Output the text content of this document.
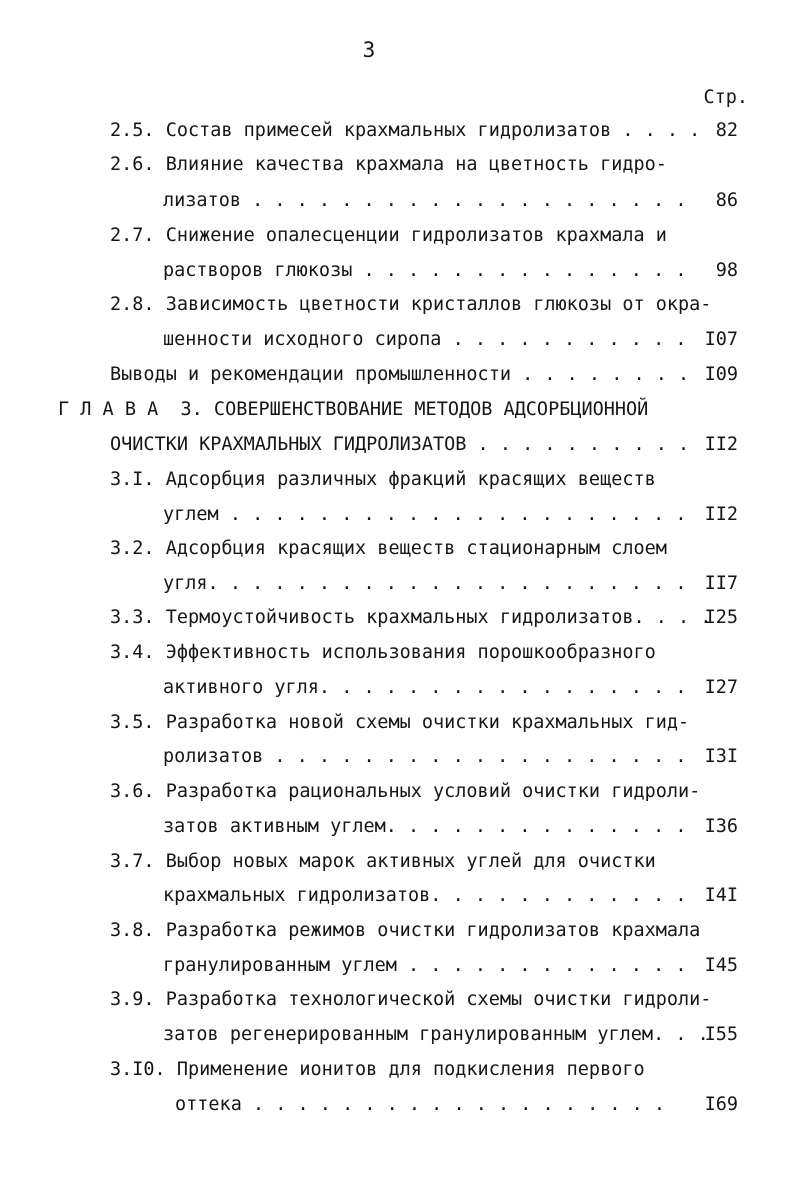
3
Стр.
2.5. Состав примесей крахмальных гидролизатов . . . . 82
2.6. Влияние качества крахмала на цветность гидро-
лизатов . . . . . . . . . . . . . . . . . . . . 86
2.7. Снижение опалесценции гидролизатов крахмала и
растворов глюкозы . . . . . . . . . . . . . . . 98
2.8. Зависимость цветности кристаллов глюкозы от окра-
шенности исходного сиропа . . . . . . . . . . . I07
Выводы и рекомендации промышленности . . . . . . . . I09
Г Л А В А  3. СОВЕРШЕНСТВОВАНИЕ МЕТОДОВ АДСОРБЦИОННОЙ
ОЧИСТКИ КРАХМАЛЬНЫХ ГИДРОЛИЗАТОВ . . . . . . . . . . II2
3.I. Адсорбция различных фракций красящих веществ
углем . . . . . . . . . . . . . . . . . . . . . II2
3.2. Адсорбция красящих веществ стационарным слоем
угля. . . . . . . . . . . . . . . . . . . . . . II7
3.3. Термоустойчивость крахмальных гидролизатов. . . .
I25
3.4. Эффективность использования порошкообразного
активного угля. . . . . . . . . . . . . . . . . I27
3.5. Разработка новой схемы очистки крахмальных гид-
ролизатов . . . . . . . . . . . . . . . . . . . I3I
3.6. Разработка рациональных условий очистки гидроли-
затов активным углем. . . . . . . . . . . . . . I36
3.7. Выбор новых марок активных углей для очистки
крахмальных гидролизатов. . . . . . . . . . . . I4I
3.8. Разработка режимов очистки гидролизатов крахмала
гранулированным углем . . . . . . . . . . . . . I45
3.9. Разработка технологической схемы очистки гидроли-
затов регенерированным гранулированным углем. . .
I55
3.I0. Применение ионитов для подкисления первого
оттека . . . . . . . . . . . . . . . . . . . I69
